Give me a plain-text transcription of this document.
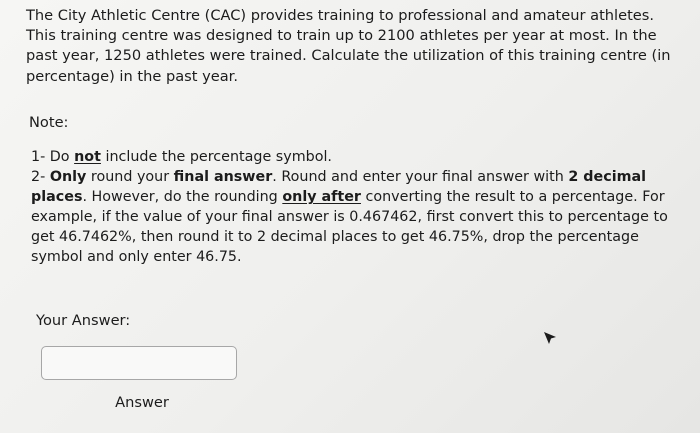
The City Athletic Centre (CAC) provides training to professional and amateur athletes. This training centre was designed to train up to 2100 athletes per year at most. In the past year, 1250 athletes were trained. Calculate the utilization of this training centre (in percentage) in the past year.

Note:

1- Do not include the percentage symbol.
2- Only round your final answer. Round and enter your final answer with 2 decimal places. However, do the rounding only after converting the result to a percentage. For example, if the value of your final answer is 0.467462, first convert this to percentage to get 46.7462%, then round it to 2 decimal places to get 46.75%, drop the percentage symbol and only enter 46.75.

Your Answer:

Answer
